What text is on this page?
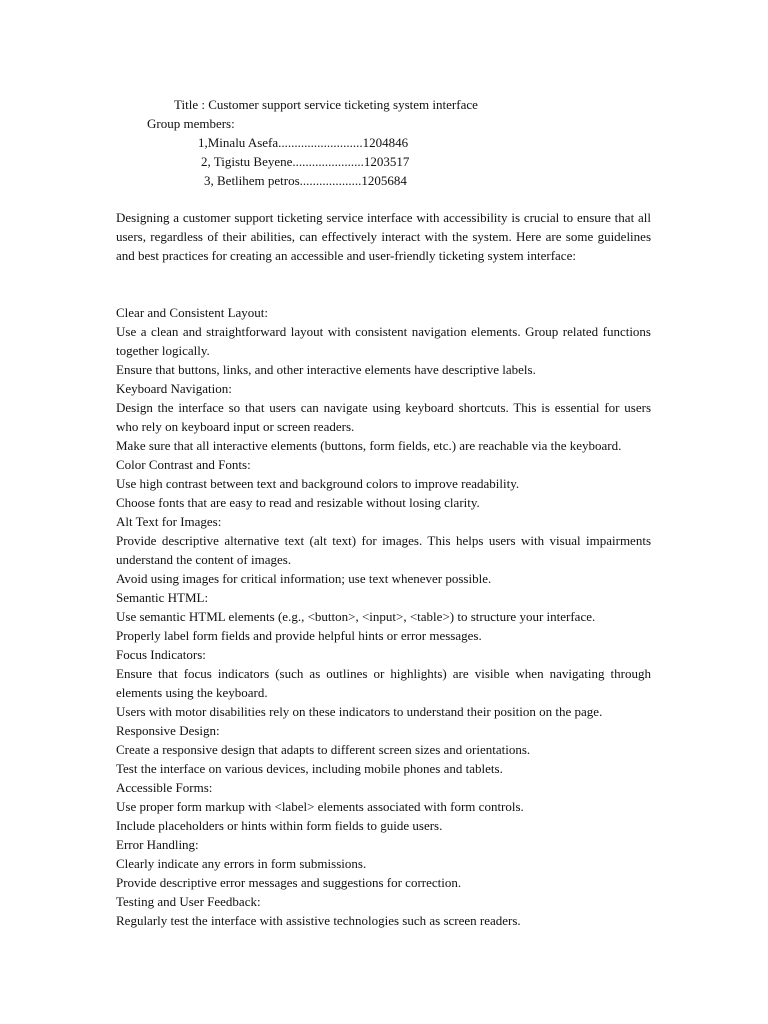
Title : Customer support service ticketing system interface
Group members:
1,Minalu Asefa..........................1204846
2, Tigistu Beyene......................1203517
3, Betlihem petros...................1205684
Designing a customer support ticketing service interface with accessibility is crucial to ensure that all users, regardless of their abilities, can effectively interact with the system. Here are some guidelines and best practices for creating an accessible and user-friendly ticketing system interface:
Clear and Consistent Layout:
Use a clean and straightforward layout with consistent navigation elements. Group related functions together logically.
Ensure that buttons, links, and other interactive elements have descriptive labels.
Keyboard Navigation:
Design the interface so that users can navigate using keyboard shortcuts. This is essential for users who rely on keyboard input or screen readers.
Make sure that all interactive elements (buttons, form fields, etc.) are reachable via the keyboard.
Color Contrast and Fonts:
Use high contrast between text and background colors to improve readability.
Choose fonts that are easy to read and resizable without losing clarity.
Alt Text for Images:
Provide descriptive alternative text (alt text) for images. This helps users with visual impairments understand the content of images.
Avoid using images for critical information; use text whenever possible.
Semantic HTML:
Use semantic HTML elements (e.g., <button>, <input>, <table>) to structure your interface.
Properly label form fields and provide helpful hints or error messages.
Focus Indicators:
Ensure that focus indicators (such as outlines or highlights) are visible when navigating through elements using the keyboard.
Users with motor disabilities rely on these indicators to understand their position on the page.
Responsive Design:
Create a responsive design that adapts to different screen sizes and orientations.
Test the interface on various devices, including mobile phones and tablets.
Accessible Forms:
Use proper form markup with <label> elements associated with form controls.
Include placeholders or hints within form fields to guide users.
Error Handling:
Clearly indicate any errors in form submissions.
Provide descriptive error messages and suggestions for correction.
Testing and User Feedback:
Regularly test the interface with assistive technologies such as screen readers.
